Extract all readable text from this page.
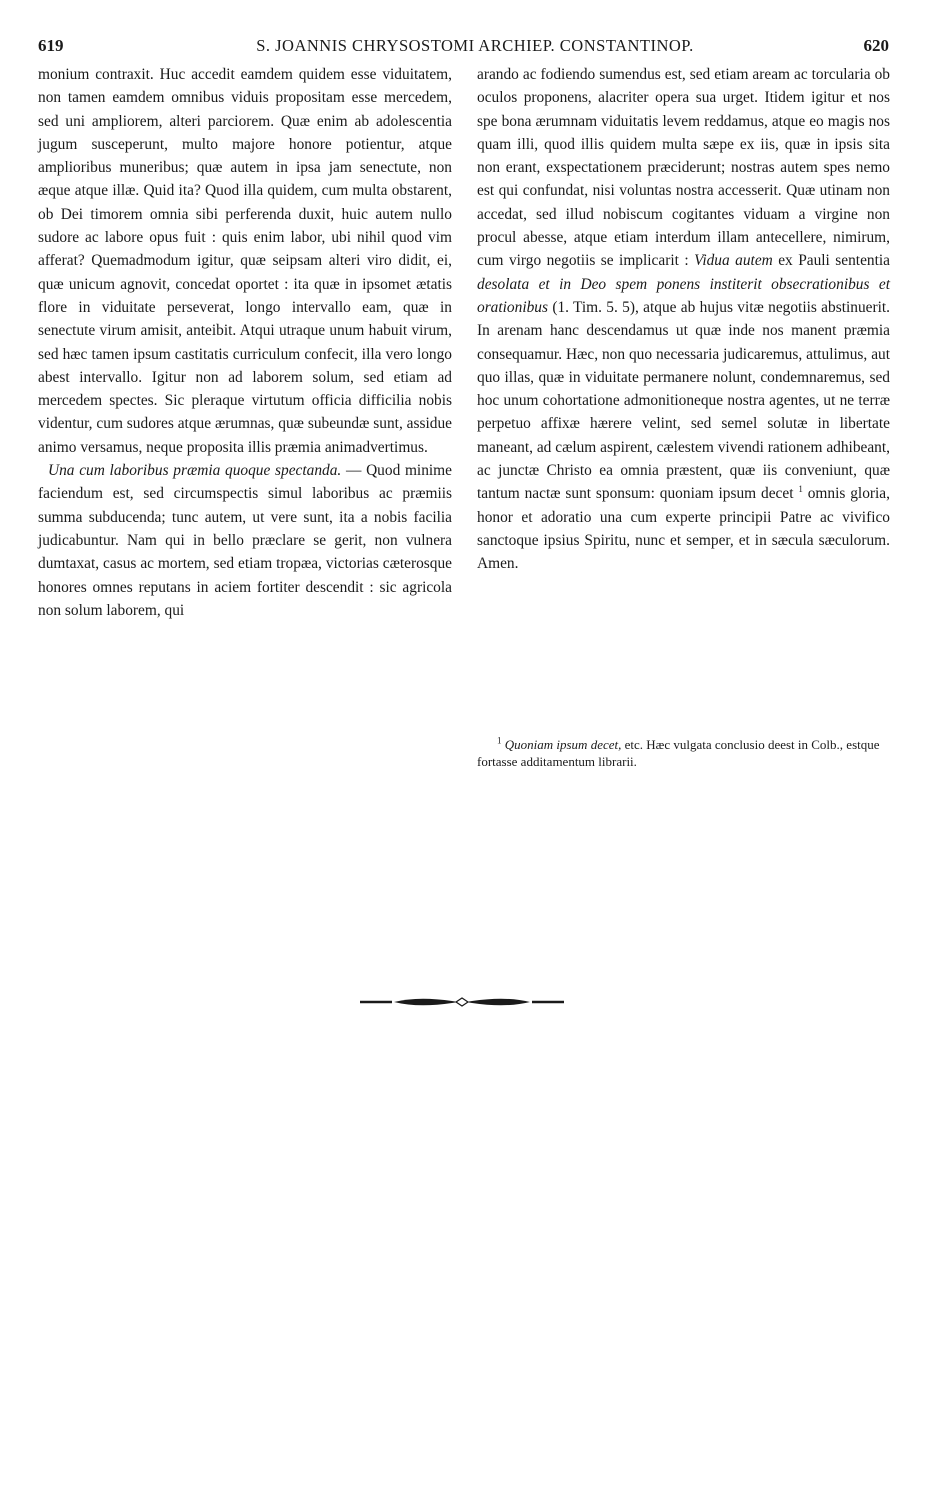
619	S. JOANNIS CHRYSOSTOMI ARCHIEP. CONSTANTINOP.	620

monium contraxit. Huc accedit eamdem quidem esse viduitatem, non tamen eamdem omnibus viduis propositam esse mercedem, sed uni ampliorem, alteri parciorem. Quæ enim ab adolescentia jugum susceperunt, multo majore honore potientur, atque amplioribus muneribus; quæ autem in ipsa jam senectute, non æque atque illæ. Quid ita? Quod illa quidem, cum multa obstarent, ob Dei timorem omnia sibi perferenda duxit, huic autem nullo sudore ac labore opus fuit : quis enim labor, ubi nihil quod vim afferat? Quemadmodum igitur, quæ seipsam alteri viro didit, ei, quæ unicum agnovit, concedat oportet : ita quæ in ipsomet ætatis flore in viduitate perseverat, longo intervallo eam, quæ in senectute virum amisit, anteibit. Atqui utraque unum habuit virum, sed hæc tamen ipsum castitatis curriculum confecit, illa vero longo abest intervallo. Igitur non ad laborem solum, sed etiam ad mercedem spectes. Sic pleraque virtutum officia difficilia nobis videntur, cum sudores atque ærumnas, quæ subeundæ sunt, assidue animo versamus, neque proposita illis præmia animadvertimus.

Una cum laboribus præmia quoque spectanda. — Quod minime faciendum est, sed circumspectis simul laboribus ac præmiis summa subducenda; tunc autem, ut vere sunt, ita a nobis facilia judicabuntur. Nam qui in bello præclare se gerit, non vulnera dumtaxat, casus ac mortem, sed etiam tropæa, victorias cæterosque honores omnes reputans in aciem fortiter descendit : sic agricola non solum laborem, qui

arando ac fodiendo sumendus est, sed etiam aream ac torcularia ob oculos proponens, alacriter opera sua urget. Itidem igitur et nos spe bona ærumnam viduitatis levem reddamus, atque eo magis nos quam illi, quod illis quidem multa sæpe ex iis, quæ in ipsis sita non erant, exspectationem præciderunt; nostras autem spes nemo est qui confundat, nisi voluntas nostra accesserit. Quæ utinam non accedat, sed illud nobiscum cogitantes viduam a virgine non procul abesse, atque etiam interdum illam antecellere, nimirum, cum virgo negotiis se implicarit : Vidua autem ex Pauli sententia desolata et in Deo spem ponens institerit obsecrationibus et orationibus (1. Tim. 5. 5), atque ab hujus vitæ negotiis abstinuerit. In arenam hanc descendamus ut quæ inde nos manent præmia consequamur. Hæc, non quo necessaria judicaremus, attulimus, aut quo illas, quæ in viduitate permanere nolunt, condemnaremus, sed hoc unum cohortatione admonitioneque nostra agentes, ut ne terræ perpetuo affixæ hærere velint, sed semel solutæ in libertate maneant, ad cælum aspirent, cælestem vivendi rationem adhibeant, ac junctæ Christo ea omnia præstent, quæ iis conveniunt, quæ tantum nactæ sunt sponsum: quoniam ipsum decet $^1$ omnis gloria, honor et adoratio una cum experte principii Patre ac vivifico sanctoque ipsius Spiritu, nunc et semper, et in sæcula sæculorum. Amen.

$^1$ Quoniam ipsum decet, etc. Hæc vulgata conclusio deest in Colb., estque fortasse additamentum librarii.
